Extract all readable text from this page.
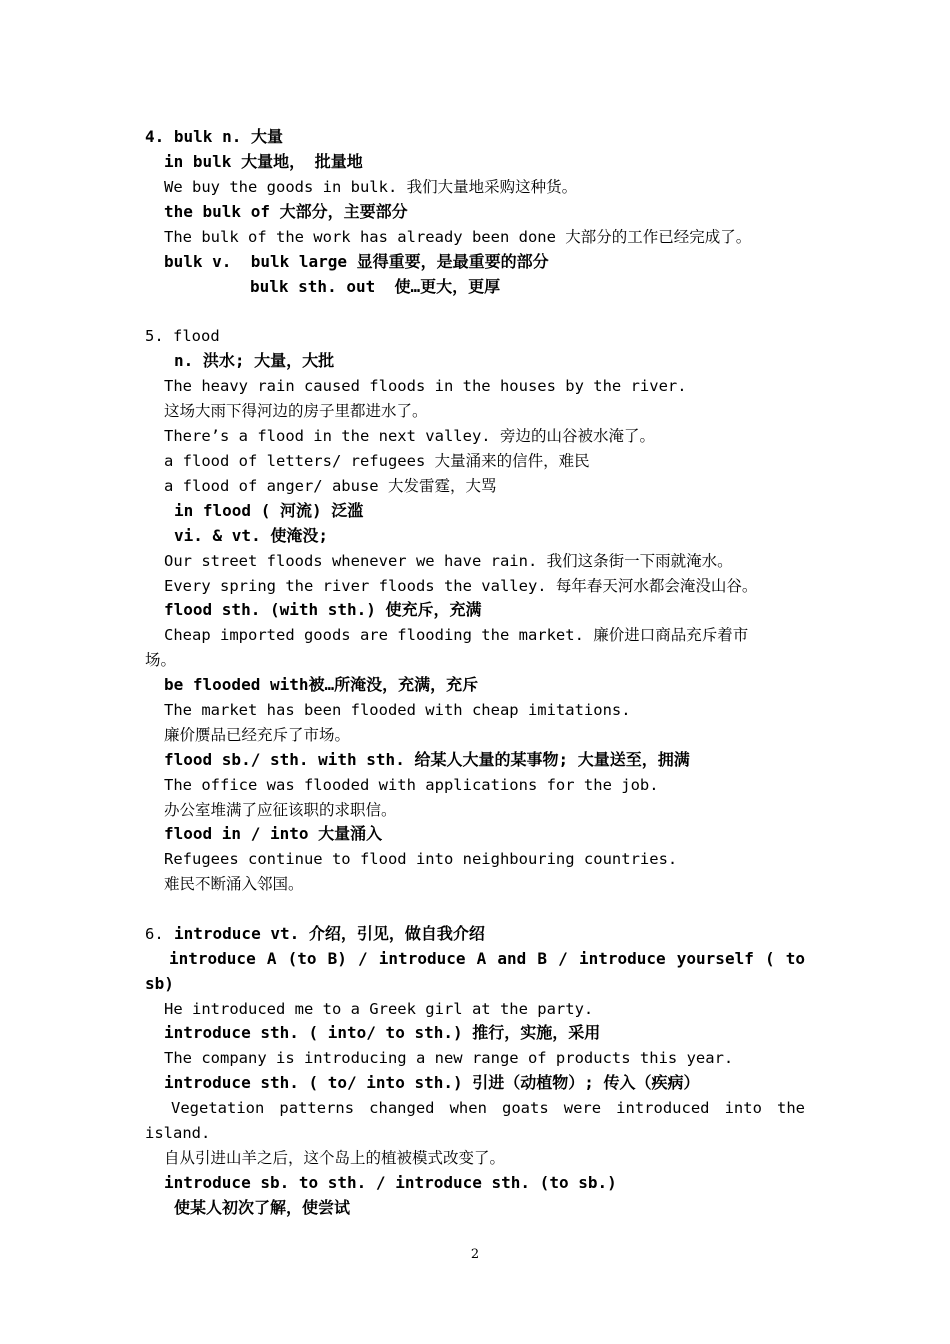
4. bulk n. 大量
in bulk 大量地， 批量地
We buy the goods in bulk. 我们大量地采购这种货。
the bulk of 大部分，主要部分
The bulk of the work has already been done 大部分的工作已经完成了。
bulk v.  bulk large 显得重要，是最重要的部分
bulk sth. out  使…更大，更厚
5. flood
n. 洪水; 大量，大批
The heavy rain caused floods in the houses by the river.
这场大雨下得河边的房子里都进水了。
There’s a flood in the next valley. 旁边的山谷被水淹了。
a flood of letters/ refugees 大量涌来的信件，难民
a flood of anger/ abuse 大发雷霆，大骂
in flood ( 河流) 泛滥
vi. & vt. 使淹没;
Our street floods whenever we have rain. 我们这条街一下雨就淹水。
Every spring the river floods the valley. 每年春天河水都会淹没山谷。
flood sth. (with sth.) 使充斥，充满
Cheap imported goods are flooding the market. 廉价进口商品充斥着市
场。
be flooded with被…所淹没，充满，充斥
The market has been flooded with cheap imitations.
廉价赝品已经充斥了市场。
flood sb./ sth. with sth. 给某人大量的某事物; 大量送至，拥满
The office was flooded with applications for the job.
办公室堆满了应征该职的求职信。
flood in / into 大量涌入
Refugees continue to flood into neighbouring countries.
难民不断涌入邻国。
6. introduce vt. 介绍，引见，做自我介绍
introduce A (to B) / introduce A and B / introduce yourself ( to
sb)
He introduced me to a Greek girl at the party.
introduce sth. ( into/ to sth.) 推行，实施，采用
The company is introducing a new range of products this year.
introduce sth. ( to/ into sth.) 引进（动植物）; 传入（疾病）
Vegetation patterns changed when goats were introduced into the
island.
自从引进山羊之后，这个岛上的植被模式改变了。
introduce sb. to sth. / introduce sth. (to sb.)
使某人初次了解，使尝试
2
